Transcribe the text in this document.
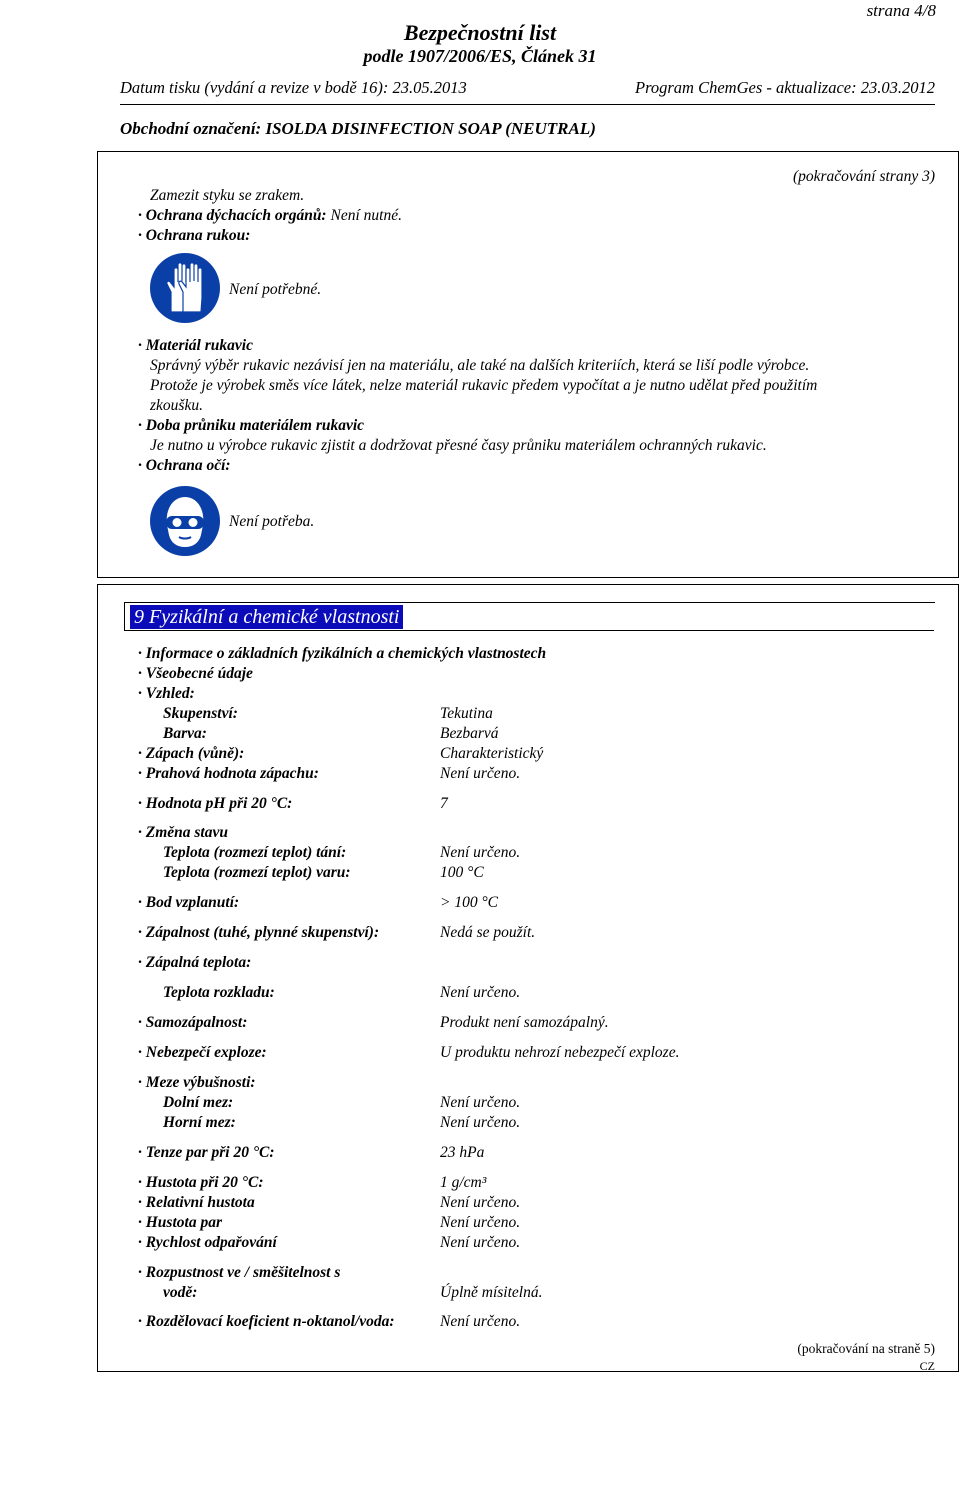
strana 4/8
Bezpečnostní list
podle 1907/2006/ES, Článek 31
Datum tisku (vydání a revize v bodě 16): 23.05.2013	Program ChemGes - aktualizace: 23.03.2012
Obchodní označení: ISOLDA DISINFECTION SOAP (NEUTRAL)
(pokračování strany 3)
Zamezit styku se zrakem.
· Ochrana dýchacích orgánů: Není nutné.
· Ochrana rukou:
Není potřebné.
· Materiál rukavic
Správný výběr rukavic nezávisí jen na materiálu, ale také na dalších kriteriích, která se liší podle výrobce.
Protože je výrobek směs více látek, nelze materiál rukavic předem vypočítat a je nutno udělat před použitím
zkoušku.
· Doba průniku materiálem rukavic
Je nutno u výrobce rukavic zjistit a dodržovat přesné časy průniku materiálem ochranných rukavic.
· Ochrana očí:
Není potřeba.
9 Fyzikální a chemické vlastnosti
· Informace o základních fyzikálních a chemických vlastnostech
· Všeobecné údaje
· Vzhled:
Skupenství:	Tekutina
Barva:	Bezbarvá
· Zápach (vůně):	Charakteristický
· Prahová hodnota zápachu:	Není určeno.
· Hodnota pH při 20 °C:	7
· Změna stavu
Teplota (rozmezí teplot) tání:	Není určeno.
Teplota (rozmezí teplot) varu:	100 °C
· Bod vzplanutí:	> 100 °C
· Zápalnost (tuhé, plynné skupenství):	Nedá se použít.
· Zápalná teplota:
Teplota rozkladu:	Není určeno.
· Samozápalnost:	Produkt není samozápalný.
· Nebezpečí exploze:	U produktu nehrozí nebezpečí exploze.
· Meze výbušnosti:
Dolní mez:	Není určeno.
Horní mez:	Není určeno.
· Tenze par při 20 °C:	23 hPa
· Hustota při 20 °C:	1 g/cm³
· Relativní hustota	Není určeno.
· Hustota par	Není určeno.
· Rychlost odpařování	Není určeno.
· Rozpustnost ve / směšitelnost s
vodě:	Úplně mísitelná.
· Rozdělovací koeficient n-oktanol/voda:	Není určeno.
(pokračování na straně 5)
CZ
